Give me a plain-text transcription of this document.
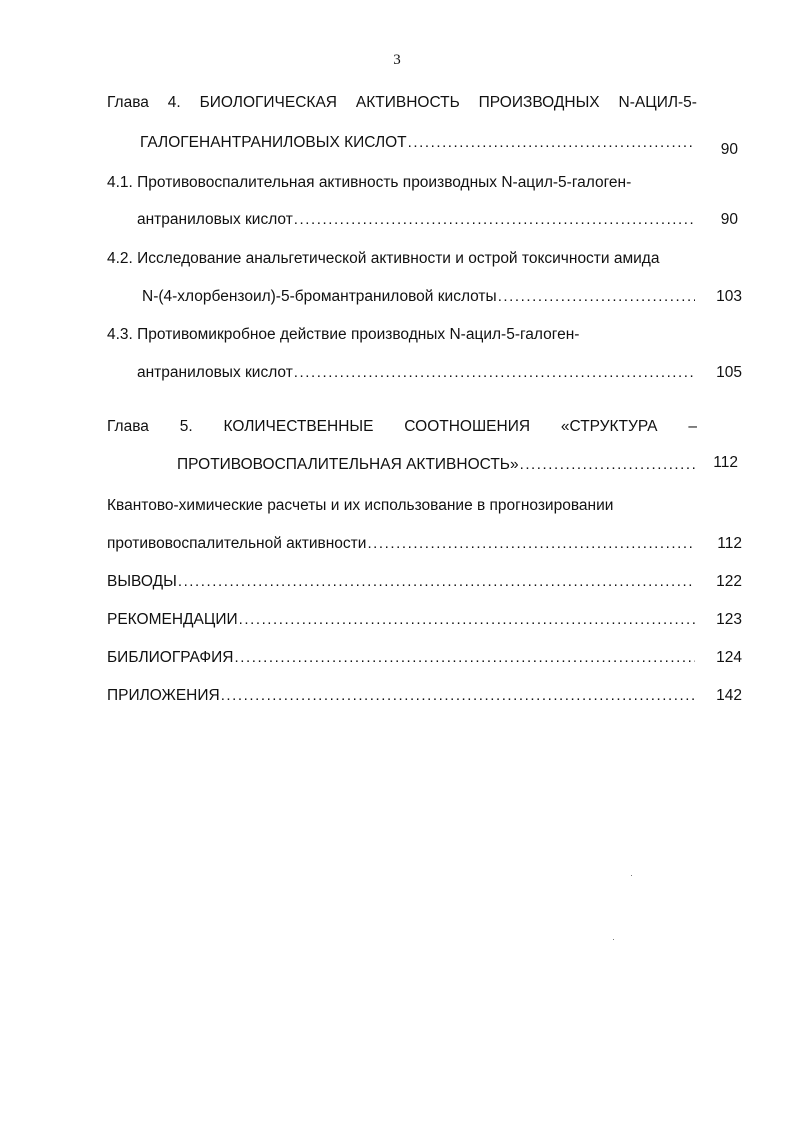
3
Глава 4. БИОЛОГИЧЕСКАЯ АКТИВНОСТЬ ПРОИЗВОДНЫХ N-АЦИЛ-5-
ГАЛОГЕНАНТРАНИЛОВЫХ КИСЛОТ . . .	90
4.1. Противовоспалительная активность производных N-ацил-5-галоген-
антраниловых кислот . . .	90
4.2. Исследование анальгетической активности и острой токсичности амида
N-(4-хлорбензоил)-5-бромантраниловой кислоты . . .	103
4.3. Противомикробное действие производных N-ацил-5-галоген-
антраниловых кислот . . .	105
Глава 5. КОЛИЧЕСТВЕННЫЕ СООТНОШЕНИЯ «СТРУКТУРА –
ПРОТИВОВОСПАЛИТЕЛЬНАЯ АКТИВНОСТЬ» . . .	112
Квантово-химические расчеты и их использование в прогнозировании
противовоспалительной активности . . .	112
ВЫВОДЫ . . .	122
РЕКОМЕНДАЦИИ . . .	123
БИБЛИОГРАФИЯ . . .	124
ПРИЛОЖЕНИЯ . . .	142
